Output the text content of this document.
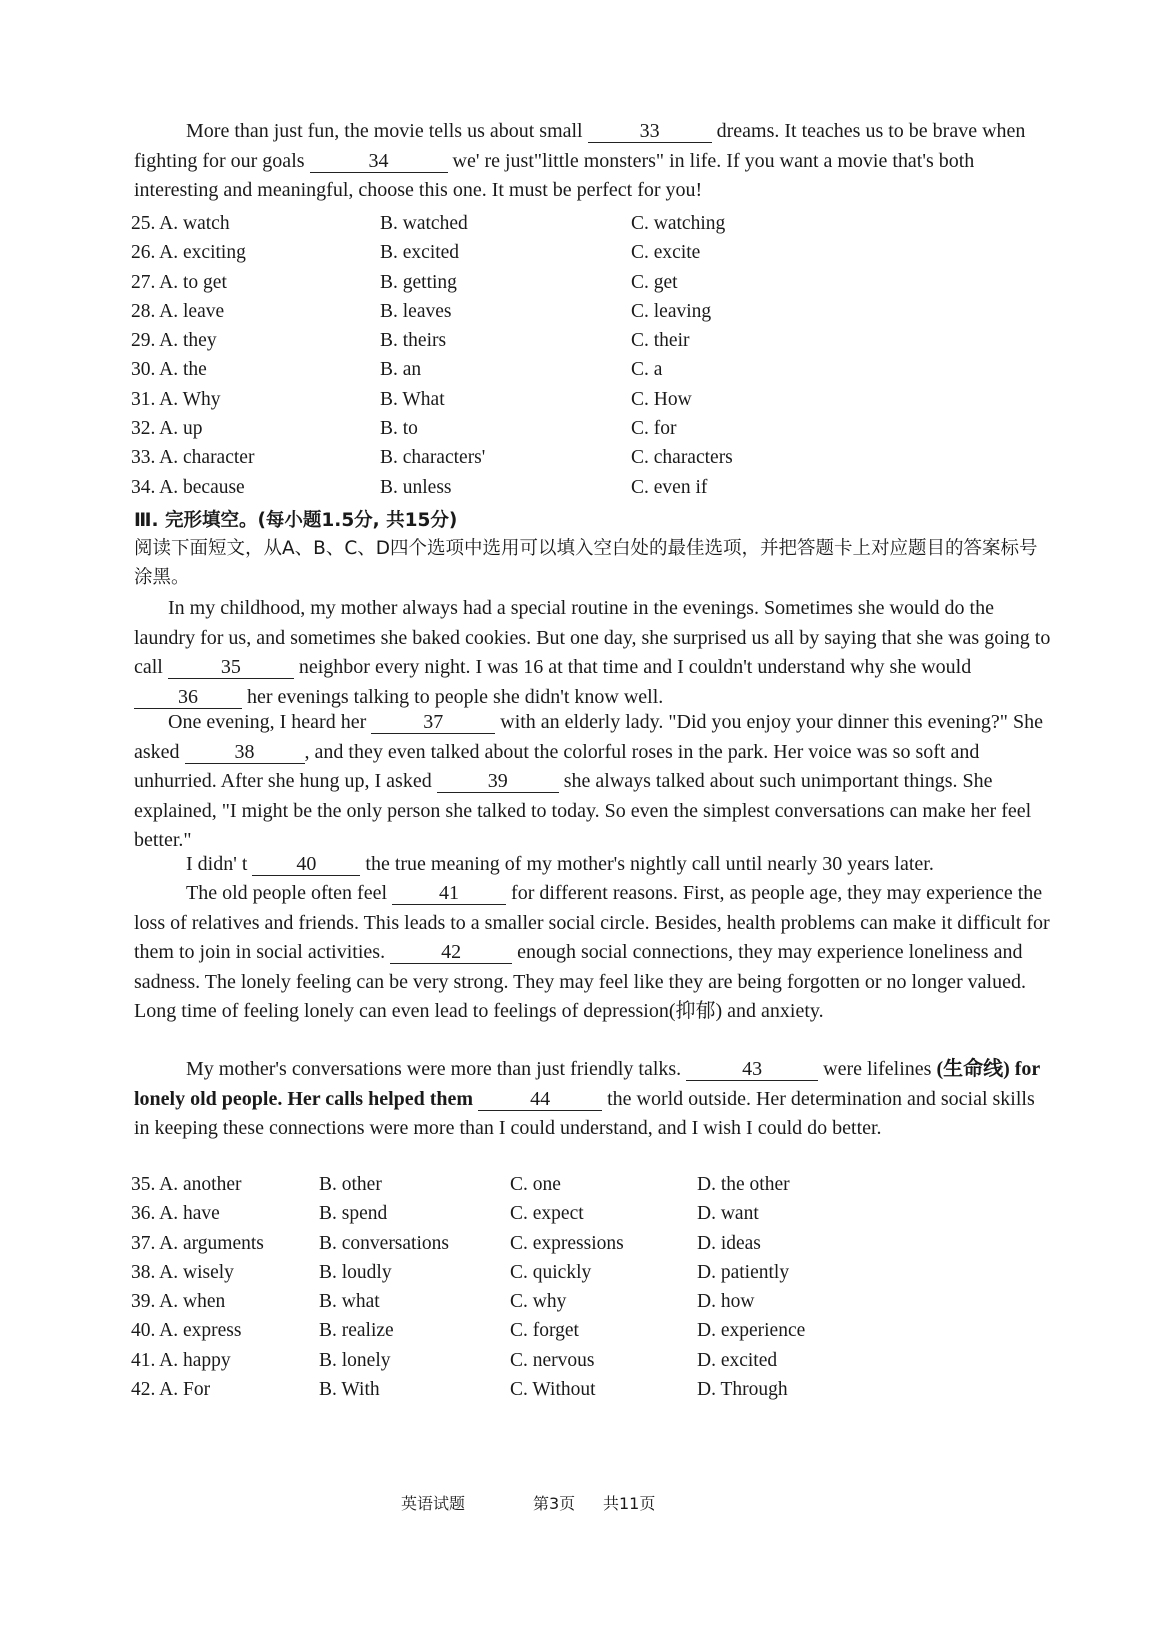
More than just fun, the movie tells us about small	33	dreams. It teaches us to be brave when fighting for our goals	34	we' re just"little monsters" in life. If you want a movie that's both interesting and meaningful, choose this one. It must be perfect for you!

25. A. watch	B. watched	C. watching
26. A. exciting	B. excited	C. excite
27. A. to get	B. getting	C. get
28. A. leave	B. leaves	C. leaving
29. A. they	B. theirs	C. their
30. A. the	B. an	C. a
31. A. Why	B. What	C. How
32. A. up	B. to	C. for
33. A. character	B. characters'	C. characters
34. A. because	B. unless	C. even if

Ⅲ. 完形填空。(每小题1.5分, 共15分)

阅读下面短文，从A、B、C、D四个选项中选用可以填入空白处的最佳选项，并把答题卡上对应题目的答案标号涂黑。

In my childhood, my mother always had a special routine in the evenings. Sometimes she would do the laundry for us, and sometimes she baked cookies. But one day, she surprised us all by saying that she was going to call	35	neighbor every night. I was 16 at that time and I couldn't understand why she would 36 her evenings talking to people she didn't know well.

One evening, I heard her	37	with an elderly lady. "Did you enjoy your dinner this evening?" She asked	38	, and they even talked about the colorful roses in the park. Her voice was so soft and unhurried. After she hung up, I asked	39	she always talked about such unimportant things. She explained, "I might be the only person she talked to today. So even the simplest conversations can make her feel better."

I didn' t 40 the true meaning of my mother's nightly call until nearly 30 years later.

The old people often feel	41	for different reasons. First, as people age, they may experience the loss of relatives and friends. This leads to a smaller social circle. Besides, health problems can make it difficult for them to join in social activities.	42	enough social connections, they may experience loneliness and sadness. The lonely feeling can be very strong. They may feel like they are being forgotten or no longer valued. Long time of feeling lonely can even lead to feelings of depression(抑郁) and anxiety.

My mother's conversations were more than just friendly talks.	43	were lifelines (生命线) for lonely old people. Her calls helped them	44	the world outside. Her determination and social skills in keeping these connections were more than I could understand, and I wish I could do better.

35. A. another	B. other	C. one	D. the other
36. A. have	B. spend	C. expect	D. want
37. A. arguments	B. conversations	C. expressions	D. ideas
38. A. wisely	B. loudly	C. quickly	D. patiently
39. A. when	B. what	C. why	D. how
40. A. express	B. realize	C. forget	D. experience
41. A. happy	B. lonely	C. nervous	D. excited
42. A. For	B. With	C. Without	D. Through
英语试题	第3页 共11页
